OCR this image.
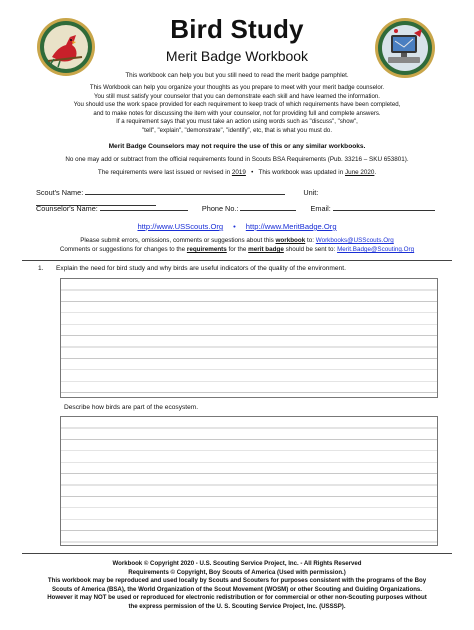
Bird Study
Merit Badge Workbook
This workbook can help you but you still need to read the merit badge pamphlet.
This Workbook can help you organize your thoughts as you prepare to meet with your merit badge counselor.
You still must satisfy your counselor that you can demonstrate each skill and have learned the information.
You should use the work space provided for each requirement to keep track of which requirements have been completed,
and to make notes for discussing the item with your counselor, not for providing full and complete answers.
If a requirement says that you must take an action using words such as "discuss", "show",
"tell", "explain", "demonstrate", "identify", etc, that is what you must do.
Merit Badge Counselors may not require the use of this or any similar workbooks.
No one may add or subtract from the official requirements found in Scouts BSA Requirements (Pub. 33216 – SKU 653801).
The requirements were last issued or revised in 2019   •   This workbook was updated in June 2020.
Scout's Name:	Unit:
Counselor's Name:	Phone No.:	Email:
http://www.USScouts.Org • http://www.MeritBadge.Org
Please submit errors, omissions, comments or suggestions about this workbook to: Workbooks@USScouts.Org
Comments or suggestions for changes to the requirements for the merit badge should be sent to: Merit.Badge@Scouting.Org
1. Explain the need for bird study and why birds are useful indicators of the quality of the environment.
Describe how birds are part of the ecosystem.
Workbook © Copyright 2020 - U.S. Scouting Service Project, Inc. - All Rights Reserved
Requirements © Copyright, Boy Scouts of America (Used with permission.)
This workbook may be reproduced and used locally by Scouts and Scouters for purposes consistent with the programs of the Boy
Scouts of America (BSA), the World Organization of the Scout Movement (WOSM) or other Scouting and Guiding Organizations.
However it may NOT be used or reproduced for electronic redistribution or for commercial or other non-Scouting purposes without
the express permission of the U. S. Scouting Service Project, Inc. (USSSP).
